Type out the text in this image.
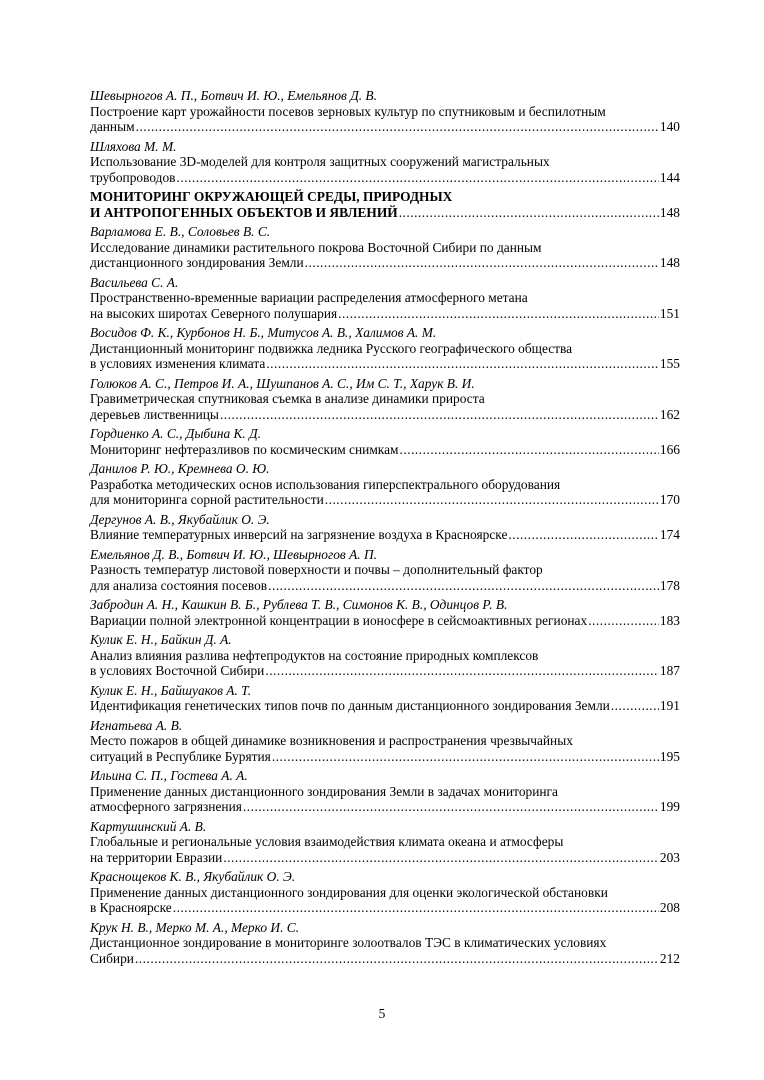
Шевырногов А. П., Ботвич И. Ю., Емельянов Д. В.
Построение карт урожайности посевов зерновых культур по спутниковым и беспилотным
данным .....	140
Шляхова М. М.
Использование 3D-моделей для контроля защитных сооружений магистральных
трубопроводов .....	144
МОНИТОРИНГ ОКРУЖАЮЩЕЙ СРЕДЫ, ПРИРОДНЫХ
И АНТРОПОГЕННЫХ ОБЪЕКТОВ И ЯВЛЕНИЙ .....	148
Варламова Е. В., Соловьев В. С.
Исследование динамики растительного покрова Восточной Сибири по данным
дистанционного зондирования Земли .....	148
Васильева С. А.
Пространственно-временные вариации распределения атмосферного метана
на высоких широтах Северного полушария .....	151
Восидов Ф. К., Курбонов Н. Б., Митусов А. В., Халимов А. М.
Дистанционный мониторинг подвижка ледника Русского географического общества
в условиях изменения климата .....	155
Голюков А. С., Петров И. А., Шушпанов А. С., Им С. Т., Харук В. И.
Гравиметрическая спутниковая съемка в анализе динамики прироста
деревьев лиственницы .....	162
Гордиенко А. С., Дыбина К. Д.
Мониторинг нефтеразливов по космическим снимкам .....	166
Данилов Р. Ю., Кремнева О. Ю.
Разработка методических основ использования гиперспектрального оборудования
для мониторинга сорной растительности .....	170
Дергунов А. В., Якубайлик О. Э.
Влияние температурных инверсий на загрязнение воздуха в Красноярске .....	174
Емельянов Д. В., Ботвич И. Ю., Шевырногов А. П.
Разность температур листовой поверхности и почвы – дополнительный фактор
для анализа состояния посевов .....	178
Забродин А. Н., Кашкин В. Б., Рублева Т. В., Симонов К. В., Одинцов Р. В.
Вариации полной электронной концентрации в ионосфере в сейсмоактивных регионах .....	183
Кулик Е. Н., Байкин Д. А.
Анализ влияния разлива нефтепродуктов на состояние природных комплексов
в условиях Восточной Сибири .....	187
Кулик Е. Н., Байшуаков А. Т.
Идентификация генетических типов почв по данным дистанционного зондирования Земли .....	191
Игнатьева А. В.
Место пожаров в общей динамике возникновения и распространения чрезвычайных
ситуаций в Республике Бурятия .....	195
Ильина С. П., Гостева А. А.
Применение данных дистанционного зондирования Земли в задачах мониторинга
атмосферного загрязнения .....	199
Картушинский А. В.
Глобальные и региональные условия взаимодействия климата океана и атмосферы
на территории Евразии .....	203
Краснощеков К. В., Якубайлик О. Э.
Применение данных дистанционного зондирования для оценки экологической обстановки
в Красноярске .....	208
Крук Н. В., Мерко М. А., Мерко И. С.
Дистанционное зондирование в мониторинге золоотвалов ТЭС в климатических условиях
Сибири .....	212
5
